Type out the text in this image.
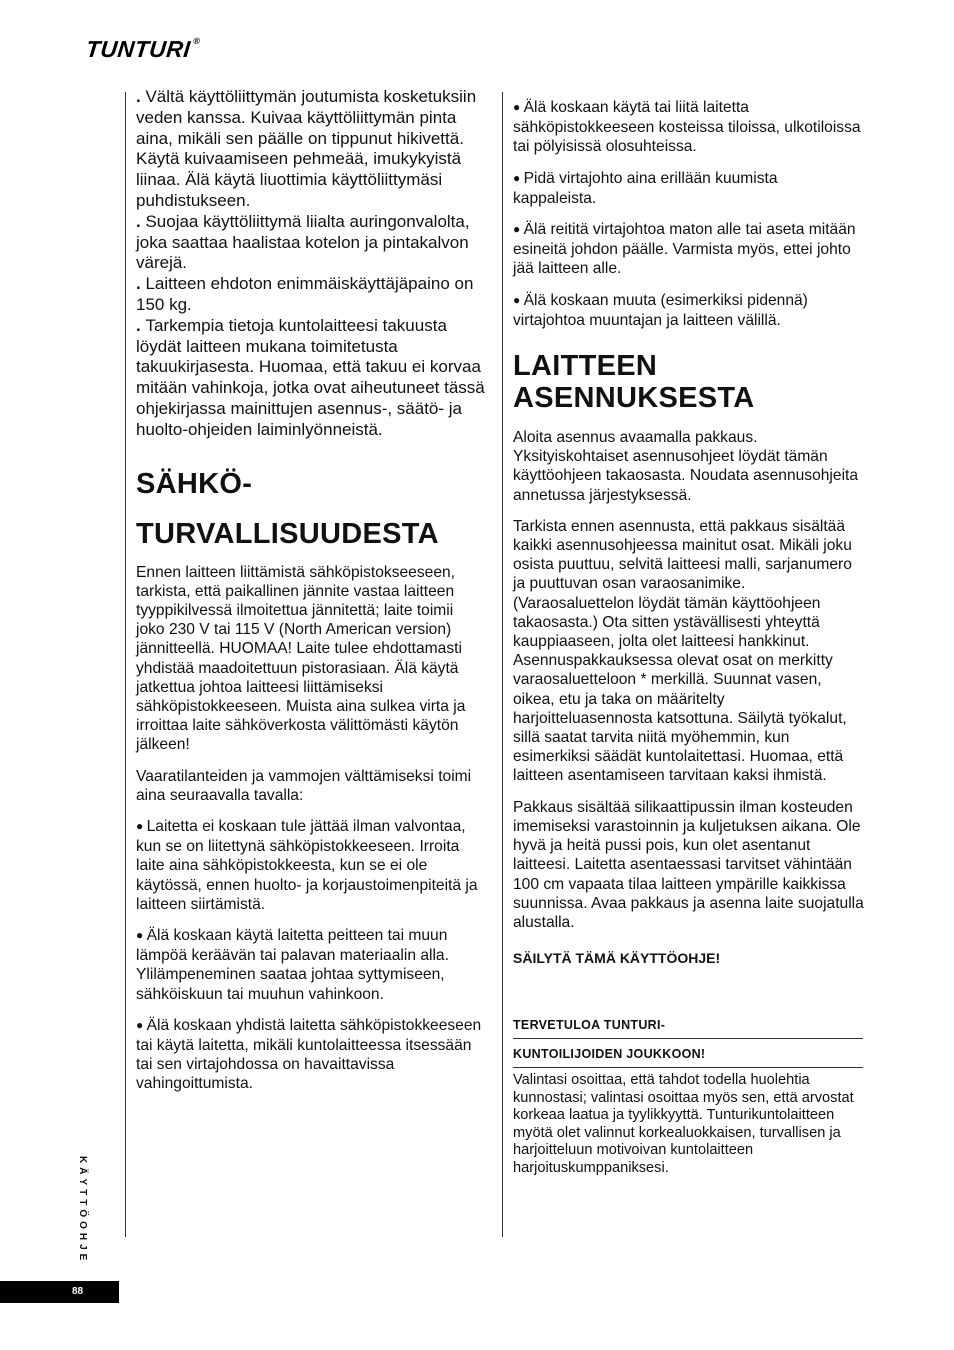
TUNTURI®

. Vältä käyttöliittymän joutumista kosketuksiin veden kanssa. Kuivaa käyttöliittymän pinta aina, mikäli sen päälle on tippunut hikivettä. Käytä kuivaamiseen pehmeää, imukykyistä liinaa. Älä käytä liuottimia käyttöliittymäsi puhdistukseen.

. Suojaa käyttöliittymä liialta auringonvalolta, joka saattaa haalistaa kotelon ja pintakalvon värejä.

. Laitteen ehdoton enimmäiskäyttäjäpaino on 150 kg.

. Tarkempia tietoja kuntolaitteesi takuusta löydät laitteen mukana toimitetusta takuukirjasesta. Huomaa, että takuu ei korvaa mitään vahinkoja, jotka ovat aiheutuneet tässä ohjekirjassa mainittujen asennus-, säätö- ja huolto-ohjeiden laiminlyönneistä.

SÄHKÖ-
TURVALLISUUDESTA

Ennen laitteen liittämistä sähköpistokseeseen, tarkista, että paikallinen jännite vastaa laitteen tyyppikilvessä ilmoitettua jännitettä; laite toimii joko 230 V tai 115 V (North American version) jännitteellä. HUOMAA! Laite tulee ehdottamasti yhdistää maadoitettuun pistorasiaan. Älä käytä jatkettua johtoa laitteesi liittämiseksi sähköpistokkeeseen. Muista aina sulkea virta ja irroittaa laite sähköverkosta välittömästi käytön jälkeen!

Vaaratilanteiden ja vammojen välttämiseksi toimi aina seuraavalla tavalla:

● Laitetta ei koskaan tule jättää ilman valvontaa, kun se on liitettynä sähköpistokkeeseen. Irroita laite aina sähköpistokkeesta, kun se ei ole käytössä, ennen huolto- ja korjaustoimenpiteitä ja laitteen siirtämistä.

● Älä koskaan käytä laitetta peitteen tai muun lämpöä keräävän tai palavan materiaalin alla. Ylilämpeneminen saataa johtaa syttymiseen, sähköiskuun tai muuhun vahinkoon.

● Älä koskaan yhdistä laitetta sähköpistokkeeseen tai käytä laitetta, mikäli kuntolaitteessa itsessään tai sen virtajohdossa on havaittavissa vahingoittumista.

● Älä koskaan käytä tai liitä laitetta sähköpistokkeeseen kosteissa tiloissa, ulkotiloissa tai pölyisissä olosuhteissa.

● Pidä virtajohto aina erillään kuumista kappaleista.

● Älä reititä virtajohtoa maton alle tai aseta mitään esineitä johdon päälle. Varmista myös, ettei johto jää laitteen alle.

● Älä koskaan muuta (esimerkiksi pidennä) virtajohtoa muuntajan ja laitteen välillä.

LAITTEEN
ASENNUKSESTA

Aloita asennus avaamalla pakkaus. Yksityiskohtaiset asennusohjeet löydät tämän käyttöohjeen takaosasta. Noudata asennusohjeita annetussa järjestyksessä.

Tarkista ennen asennusta, että pakkaus sisältää kaikki asennusohjeessa mainitut osat. Mikäli joku osista puuttuu, selvitä laitteesi malli, sarjanumero ja puuttuvan osan varaosanimike. (Varaosaluettelon löydät tämän käyttöohjeen takaosasta.) Ota sitten ystävällisesti yhteyttä kauppiaaseen, jolta olet laitteesi hankkinut. Asennuspakkauksessa olevat osat on merkitty varaosaluetteloon * merkillä. Suunnat vasen, oikea, etu ja taka on määritelty harjoitteluasennosta katsottuna. Säilytä työkalut, sillä saatat tarvita niitä myöhemmin, kun esimerkiksi säädät kuntolaitettasi. Huomaa, että laitteen asentamiseen tarvitaan kaksi ihmistä.

Pakkaus sisältää silikaattipussin ilman kosteuden imemiseksi varastoinnin ja kuljetuksen aikana. Ole hyvä ja heitä pussi pois, kun olet asentanut laitteesi. Laitetta asentaessasi tarvitset vähintään 100 cm vapaata tilaa laitteen ympärille kaikkissa suunnissa. Avaa pakkaus ja asenna laite suojatulla alustalla.

SÄILYTÄ TÄMÄ KÄYTTÖOHJE!

TERVETULOA TUNTURI-
KUNTOILIJOIDEN JOUKKOON!

Valintasi osoittaa, että tahdot todella huolehtia kunnostasi; valintasi osoittaa myös sen, että arvostat korkeaa laatua ja tyylikkyyttä. Tunturikuntolaitteen myötä olet valinnut korkealuokkaisen, turvallisen ja harjoitteluun motivoivan kuntolaitteen harjoituskumppaniksesi.

KÄYTTÖOHJE
88
